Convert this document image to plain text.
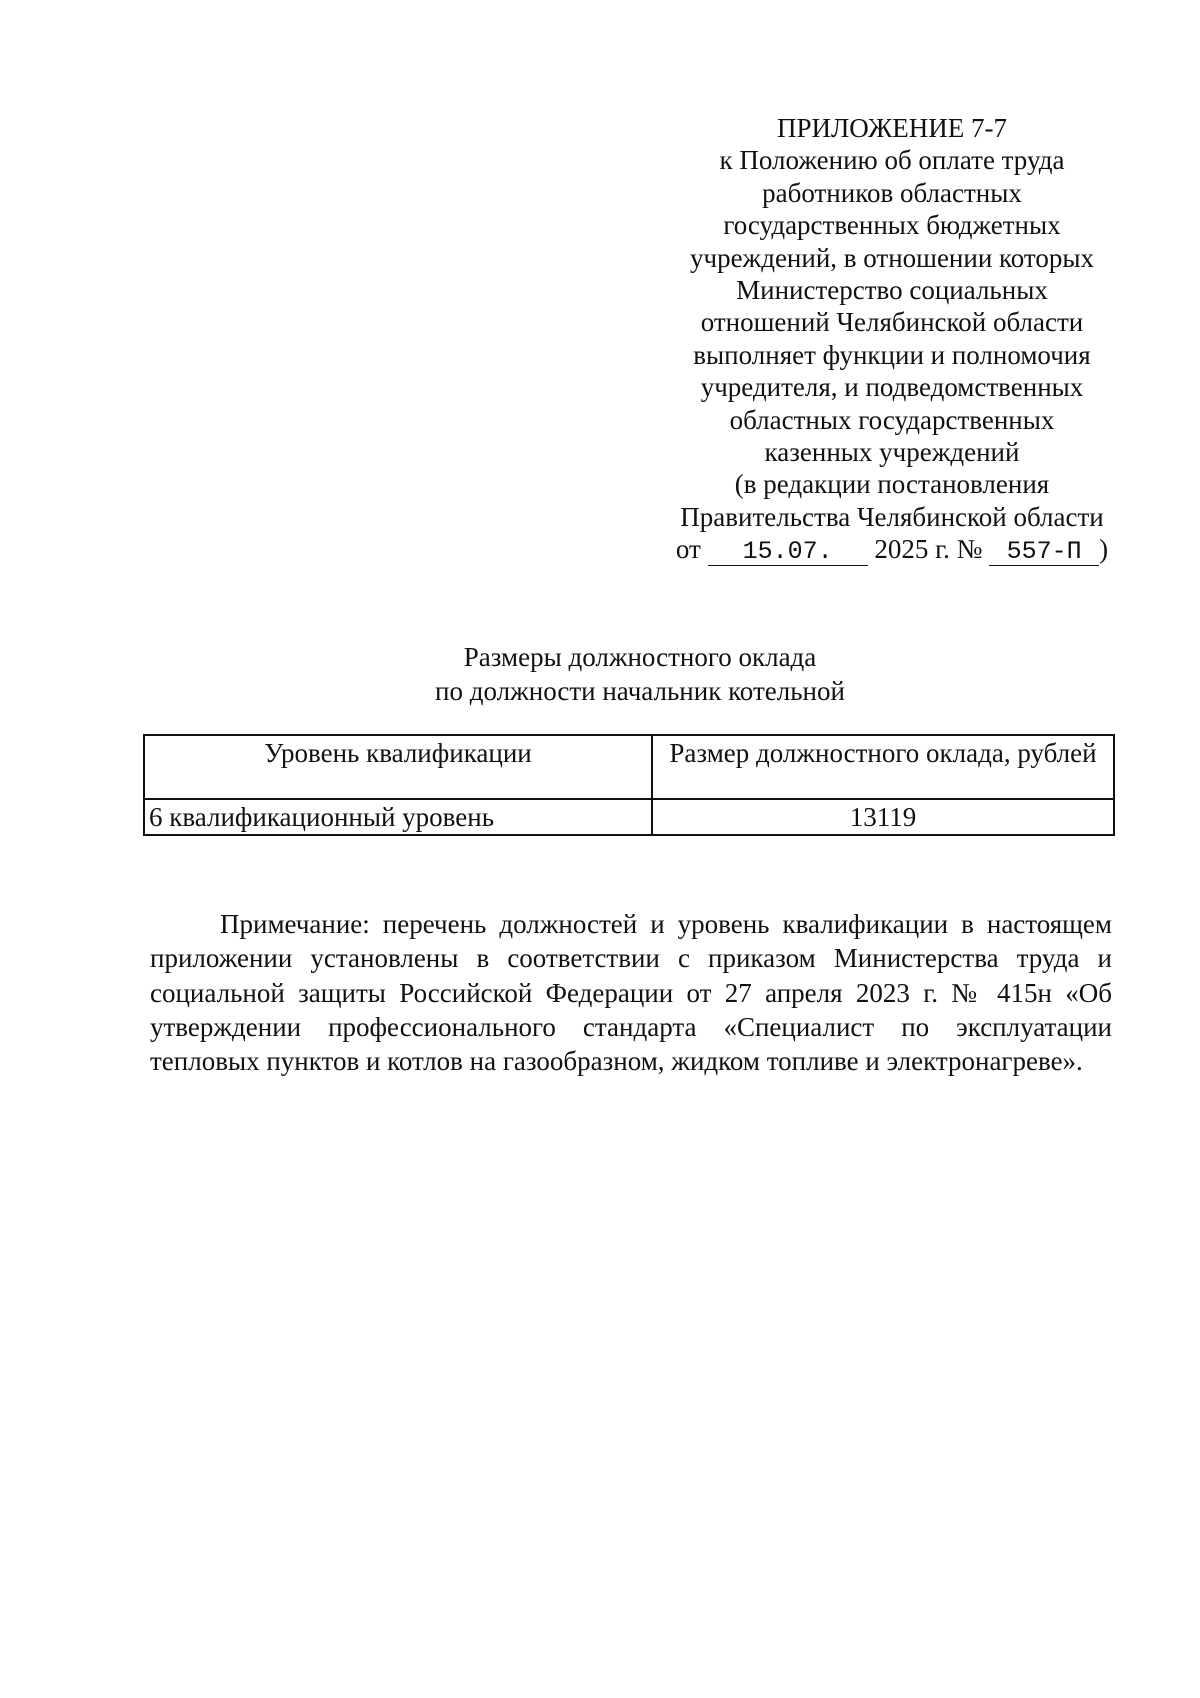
ПРИЛОЖЕНИЕ 7-7
к Положению об оплате труда
работников областных
государственных бюджетных
учреждений, в отношении которых
Министерство социальных
отношений Челябинской области
выполняет функции и полномочия
учредителя, и подведомственных
областных государственных
казенных учреждений
(в редакции постановления
Правительства Челябинской области
от 15.07. 2025 г. № 557-П )
Размеры должностного оклада
по должности начальник котельной
Уровень квалификации	Размер должностного оклада, рублей
6 квалификационный уровень	13119

Примечание: перечень должностей и уровень квалификации в настоящем приложении установлены в соответствии с приказом Министерства труда и социальной защиты Российской Федерации от 27 апреля 2023 г. № 415н «Об утверждении профессионального стандарта «Специалист по эксплуатации тепловых пунктов и котлов на газообразном, жидком топливе и электронагреве».
